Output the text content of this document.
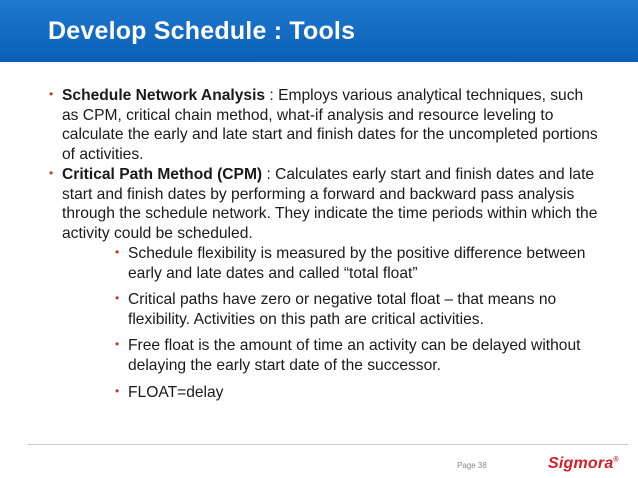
Develop Schedule : Tools
• Schedule Network Analysis : Employs various analytical techniques, such as CPM, critical chain method, what-if analysis and resource leveling to calculate the early and late start and finish dates for the uncompleted portions of activities.
• Critical Path Method (CPM) : Calculates early start and finish dates and late start and finish dates by performing a forward and backward pass analysis through the schedule network. They indicate the time periods within which the activity could be scheduled.
• Schedule flexibility is measured by the positive difference between early and late dates and called “total float”
• Critical paths have zero or negative total float – that means no flexibility. Activities on this path are critical activities.
• Free float is the amount of time an activity can be delayed without delaying the early start date of the successor.
• FLOAT=delay
Page 38	Sigmora®
